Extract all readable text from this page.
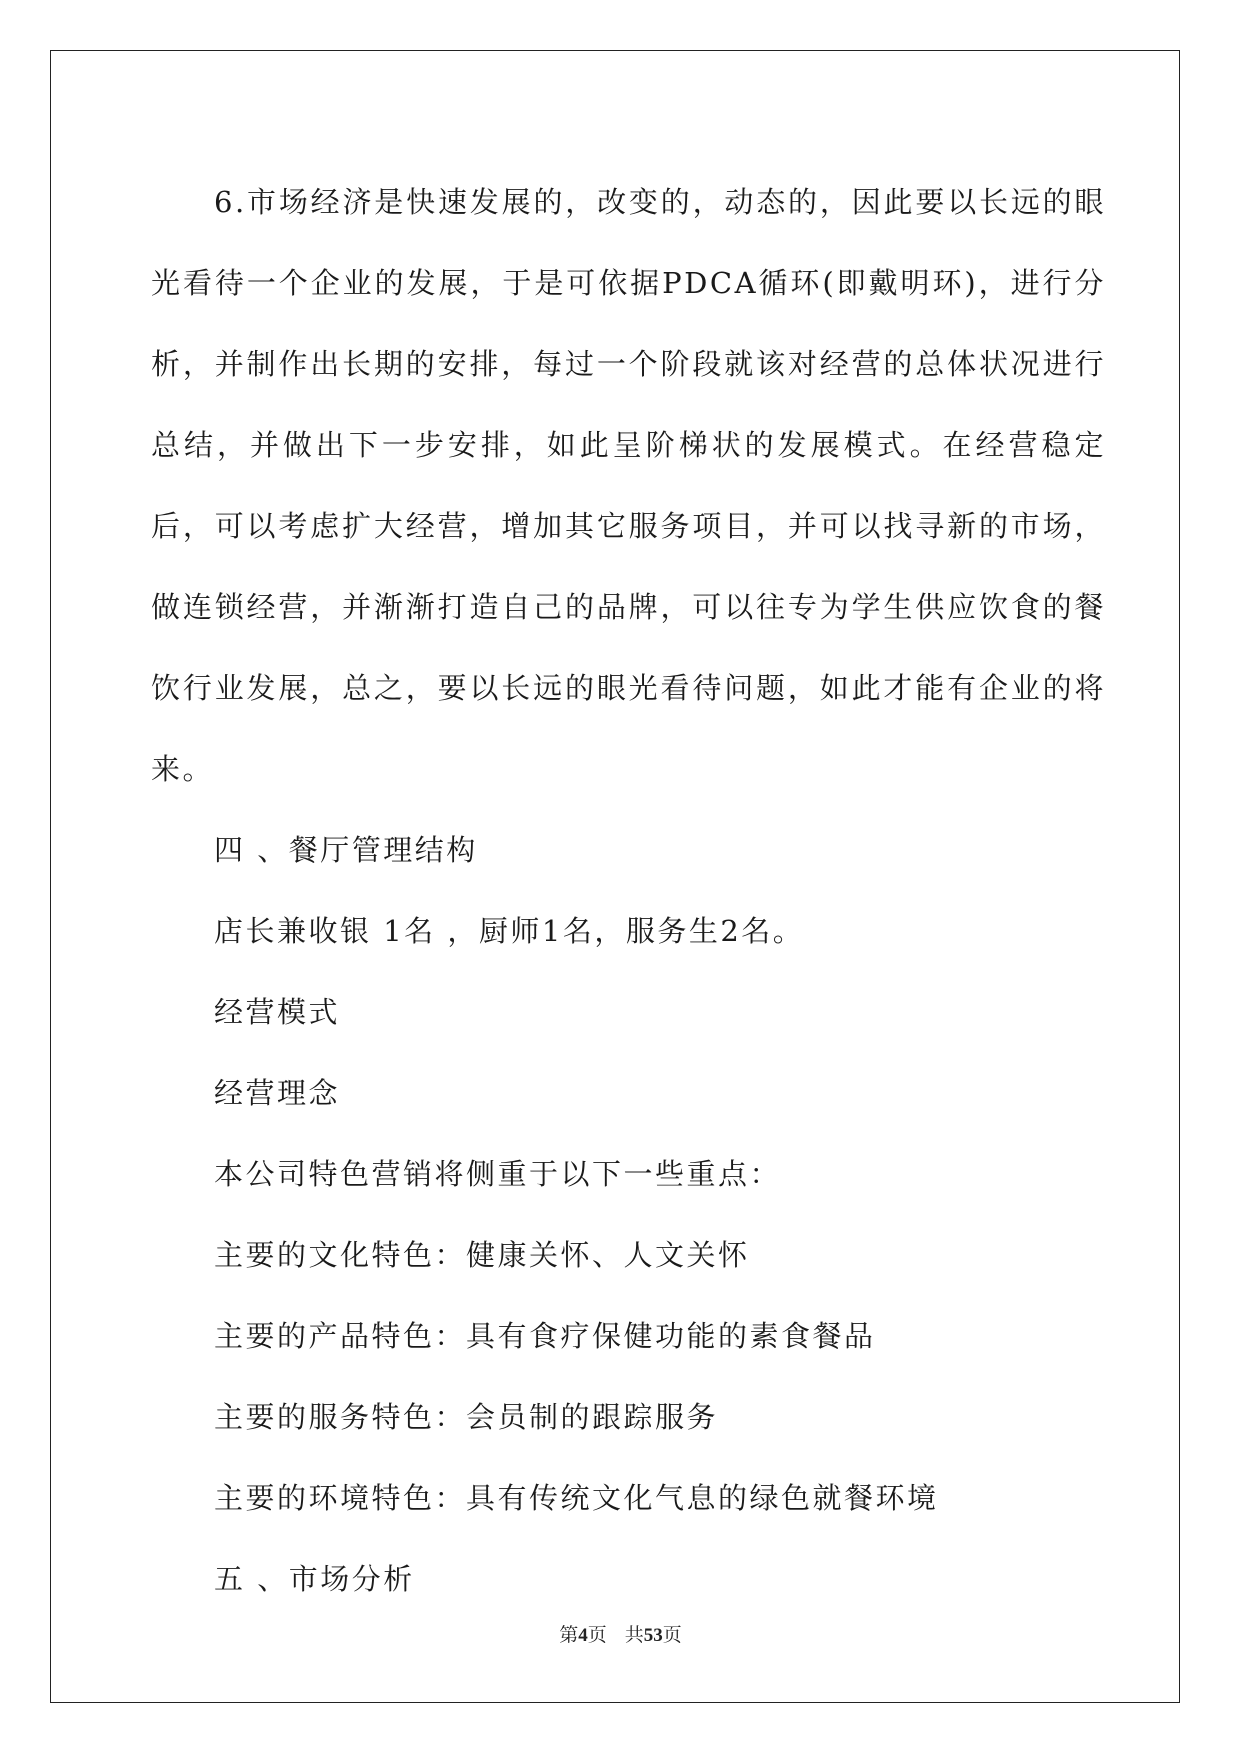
6.市场经济是快速发展的，改变的，动态的，因此要以长远的眼光看待一个企业的发展，于是可依据PDCA循环(即戴明环)，进行分析，并制作出长期的安排，每过一个阶段就该对经营的总体状况进行总结，并做出下一步安排，如此呈阶梯状的发展模式。在经营稳定后，可以考虑扩大经营，增加其它服务项目，并可以找寻新的市场，做连锁经营，并渐渐打造自己的品牌，可以往专为学生供应饮食的餐饮行业发展，总之，要以长远的眼光看待问题，如此才能有企业的将来。

四 、餐厅管理结构

店长兼收银 1名 ，厨师1名，服务生2名。

经营模式

经营理念

本公司特色营销将侧重于以下一些重点：

主要的文化特色：健康关怀、人文关怀

主要的产品特色：具有食疗保健功能的素食餐品

主要的服务特色：会员制的跟踪服务

主要的环境特色：具有传统文化气息的绿色就餐环境

五 、市场分析

第4页 共53页
